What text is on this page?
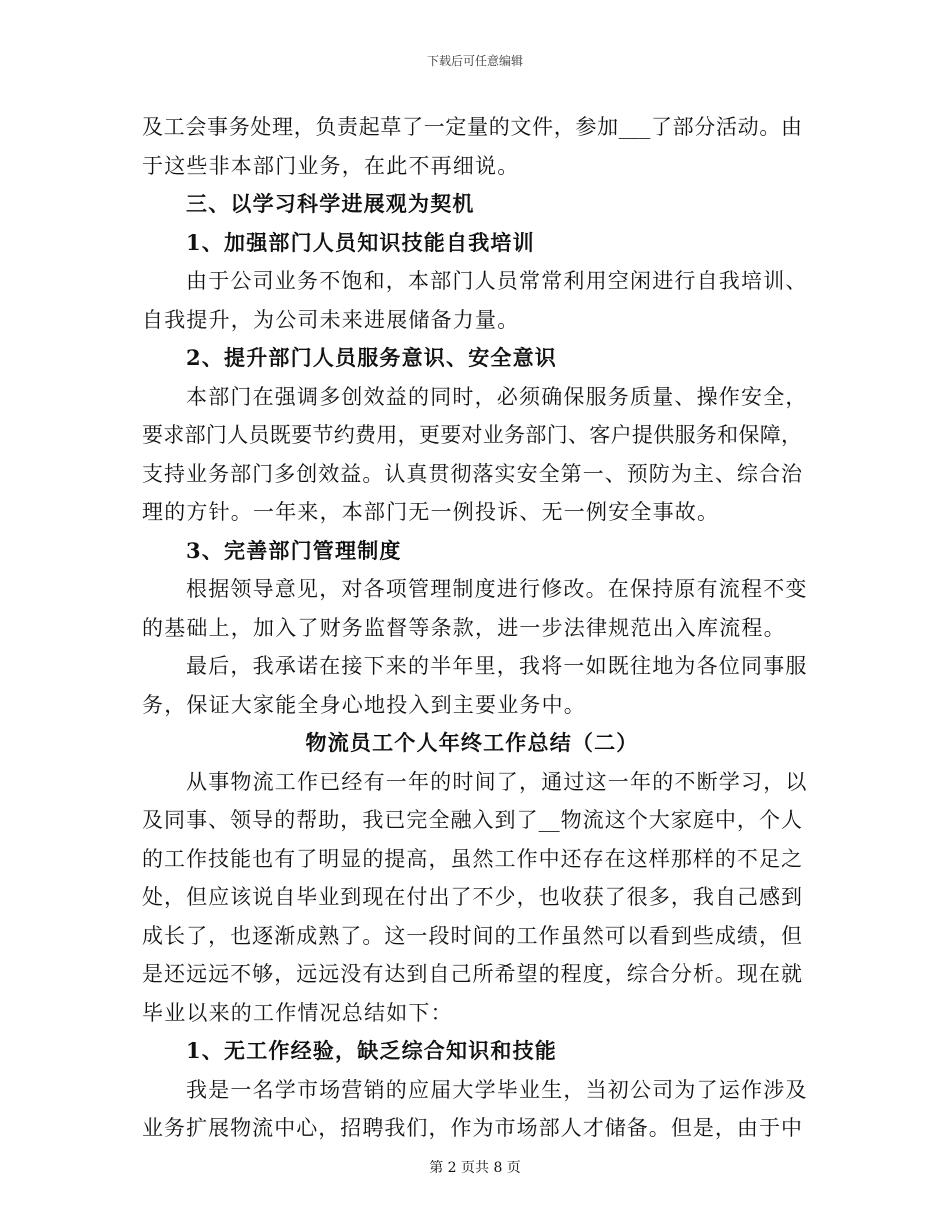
下载后可任意编辑
及工会事务处理，负责起草了一定量的文件，参加___了部分活动。由
于这些非本部门业务，在此不再细说。
三、以学习科学进展观为契机
1、加强部门人员知识技能自我培训
由于公司业务不饱和，本部门人员常常利用空闲进行自我培训、
自我提升，为公司未来进展储备力量。
2、提升部门人员服务意识、安全意识
本部门在强调多创效益的同时，必须确保服务质量、操作安全，
要求部门人员既要节约费用，更要对业务部门、客户提供服务和保障，
支持业务部门多创效益。认真贯彻落实安全第一、预防为主、综合治
理的方针。一年来，本部门无一例投诉、无一例安全事故。
3、完善部门管理制度
根据领导意见，对各项管理制度进行修改。在保持原有流程不变
的基础上，加入了财务监督等条款，进一步法律规范出入库流程。
最后，我承诺在接下来的半年里，我将一如既往地为各位同事服
务，保证大家能全身心地投入到主要业务中。
物流员工个人年终工作总结（二）
从事物流工作已经有一年的时间了，通过这一年的不断学习，以
及同事、领导的帮助，我已完全融入到了__物流这个大家庭中，个人
的工作技能也有了明显的提高，虽然工作中还存在这样那样的不足之
处，但应该说自毕业到现在付出了不少，也收获了很多，我自己感到
成长了，也逐渐成熟了。这一段时间的工作虽然可以看到些成绩，但
是还远远不够，远远没有达到自己所希望的程度，综合分析。现在就
毕业以来的工作情况总结如下：
1、无工作经验，缺乏综合知识和技能
我是一名学市场营销的应届大学毕业生，当初公司为了运作涉及
业务扩展物流中心，招聘我们，作为市场部人才储备。但是，由于中
第 2 页共 8 页
